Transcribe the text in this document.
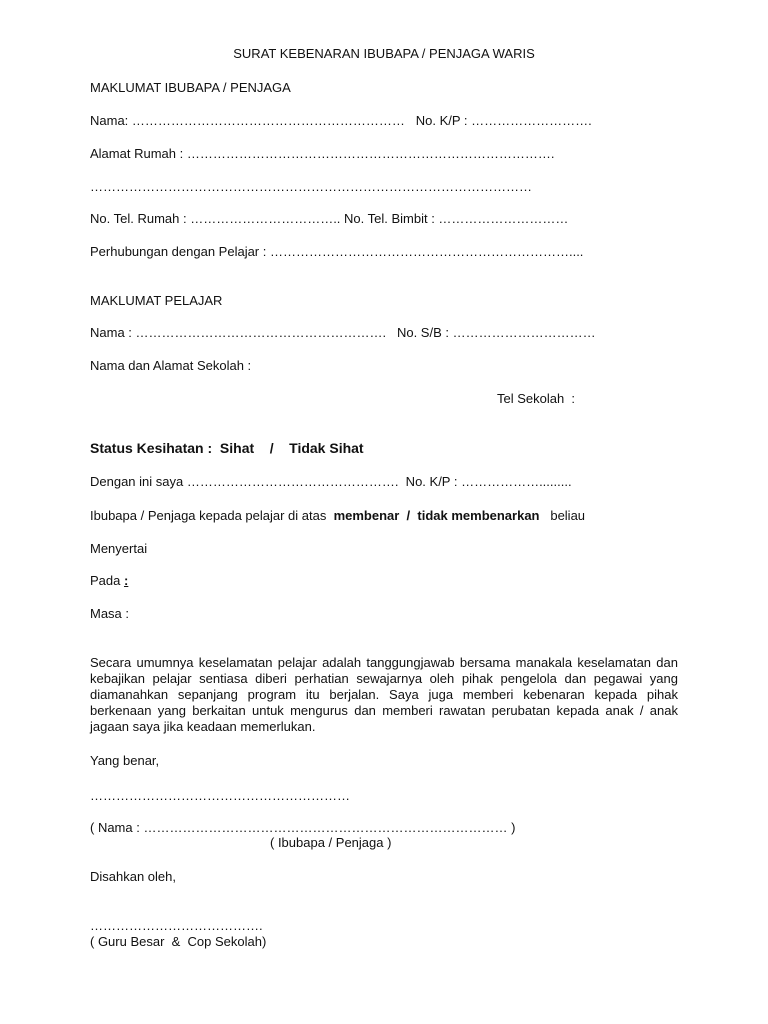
SURAT KEBENARAN IBUBAPA / PENJAGA WARIS
MAKLUMAT IBUBAPA / PENJAGA
Nama: ………………………………………………………   No. K/P : ……………………….
Alamat Rumah : ………………………………………………………………………….
…………………………………………………………………………………………
No. Tel. Rumah : …………………………….. No. Tel. Bimbit : …………………………
Perhubungan dengan Pelajar : ……………………………………………………………....
MAKLUMAT PELAJAR
Nama : ………………………………………………….   No. S/B : ……………………………
Nama dan Alamat Sekolah :
Tel Sekolah  :
Status Kesihatan :  Sihat    /    Tidak Sihat
Dengan ini saya ………………………………………….  No. K/P : ……………….........
Ibubapa / Penjaga kepada pelajar di atas  membenar  /  tidak membenarkan   beliau
Menyertai
Pada :
Masa :
Secara umumnya keselamatan pelajar adalah tanggungjawab bersama manakala keselamatan dan kebajikan pelajar sentiasa diberi perhatian sewajarnya oleh pihak pengelola dan pegawai yang diamanahkan sepanjang program itu berjalan. Saya juga memberi kebenaran kepada pihak berkenaan yang berkaitan untuk mengurus dan memberi rawatan perubatan kepada anak / anak jagaan saya jika keadaan memerlukan.
Yang benar,
……………………………………………………
( Nama : ………………………………………………………………………… )
( Ibubapa / Penjaga )
Disahkan oleh,
………………………………….
( Guru Besar  &  Cop Sekolah)
